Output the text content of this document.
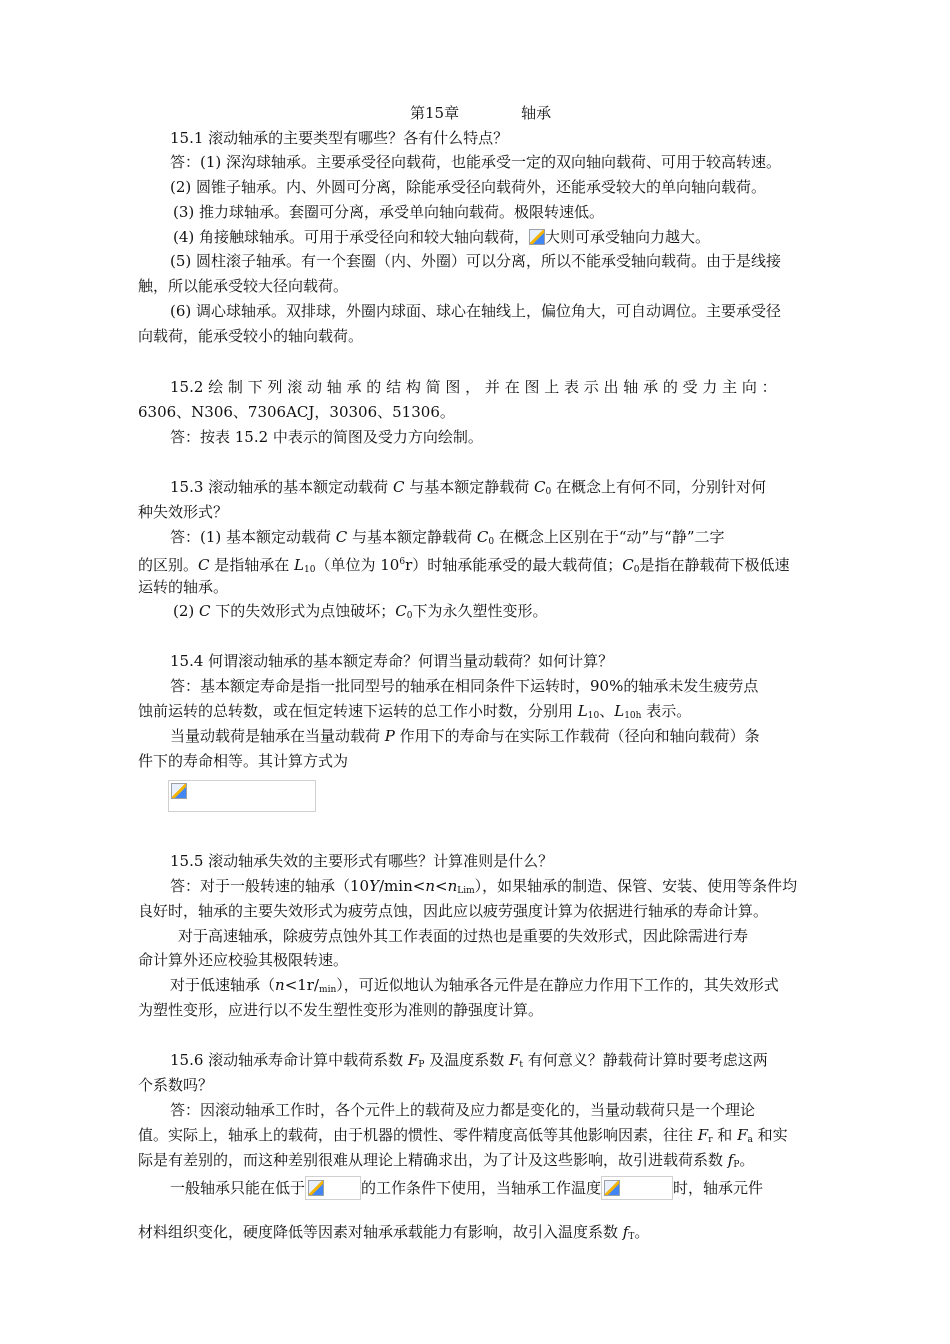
第15章	轴承
15.1 滚动轴承的主要类型有哪些？各有什么特点？
答：(1) 深沟球轴承。主要承受径向载荷，也能承受一定的双向轴向载荷、可用于较高转速。
(2) 圆锥子轴承。内、外圆可分离，除能承受径向载荷外，还能承受较大的单向轴向载荷。
(3) 推力球轴承。套圈可分离，承受单向轴向载荷。极限转速低。
(4) 角接触球轴承。可用于承受径向和较大轴向载荷， 大则可承受轴向力越大。
(5) 圆柱滚子轴承。有一个套圈（内、外圈）可以分离，所以不能承受轴向载荷。由于是线接
触，所以能承受较大径向载荷。
(6) 调心球轴承。双排球，外圈内球面、球心在轴线上，偏位角大，可自动调位。主要承受径
向载荷，能承受较小的轴向载荷。
15.2 绘 制 下 列 滚 动 轴 承 的 结 构 简 图 ， 并 在 图 上 表 示 出 轴 承 的 受 力 主 向 ：
6306、N306、7306ACJ，30306、51306。
答：按表 15.2 中表示的简图及受力方向绘制。
15.3 滚动轴承的基本额定动载荷 C 与基本额定静载荷 $C_0$ 在概念上有何不同，分别针对何
种失效形式？
答：(1) 基本额定动载荷 C 与基本额定静载荷 $C_0$ 在概念上区别在于“动”与“静”二字
的区别。C 是指轴承在 $L_{10}$（单位为 $10^6r$）时轴承能承受的最大载荷值；$C_0$是指在静载荷下极低速
运转的轴承。
(2) C 下的失效形式为点蚀破坏；$C_0$下为永久塑性变形。
15.4 何谓滚动轴承的基本额定寿命？何谓当量动载荷？如何计算？
答：基本额定寿命是指一批同型号的轴承在相同条件下运转时，90%的轴承未发生疲劳点
蚀前运转的总转数，或在恒定转速下运转的总工作小时数，分别用 $L_{10}$、$L_{10h}$ 表示。
当量动载荷是轴承在当量动载荷 P 作用下的寿命与在实际工作载荷（径向和轴向载荷）条
件下的寿命相等。其计算方式为
15.5 滚动轴承失效的主要形式有哪些？计算准则是什么？
答：对于一般转速的轴承$(10Y/\min<n<n_{Lim})$，如果轴承的制造、保管、安装、使用等条件均
良好时，轴承的主要失效形式为疲劳点蚀，因此应以疲劳强度计算为依据进行轴承的寿命计算。
对于高速轴承，除疲劳点蚀外其工作表面的过热也是重要的失效形式，因此除需进行寿
命计算外还应校验其极限转速。
对于低速轴承$(n<1r/_{min})$，可近似地认为轴承各元件是在静应力作用下工作的，其失效形式
为塑性变形，应进行以不发生塑性变形为准则的静强度计算。
15.6 滚动轴承寿命计算中载荷系数 $F_P$ 及温度系数 $F_t$ 有何意义？静载荷计算时要考虑这两
个系数吗？
答：因滚动轴承工作时，各个元件上的载荷及应力都是变化的，当量动载荷只是一个理论
值。实际上，轴承上的载荷，由于机器的惯性、零件精度高低等其他影响因素，往往 $F_r$ 和 $F_a$ 和实
际是有差别的，而这种差别很难从理论上精确求出，为了计及这些影响，故引进载荷系数 $f_P$。
一般轴承只能在低于	的工作条件下使用，当轴承工作温度	时，轴承元件
材料组织变化，硬度降低等因素对轴承承载能力有影响，故引入温度系数 $f_T$。
